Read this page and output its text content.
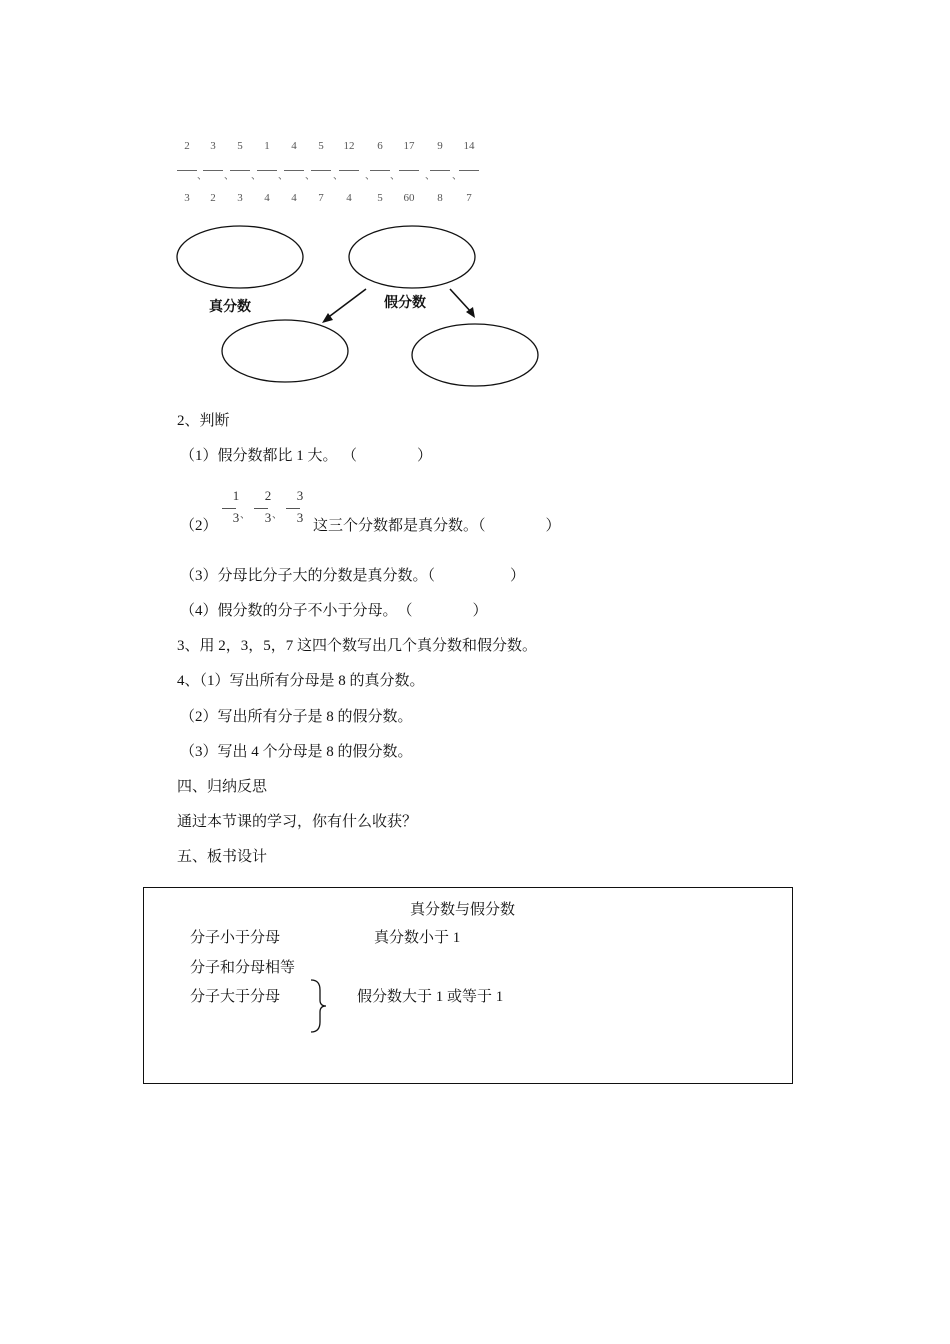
2
3
、
3
2
、
5
3
、
1
4
、
4
4
、
5
7
、
12
4
、
6
5
、
17
60
、
9
8
、
14
7
真分数	假分数
2、判断
（1）假分数都比 1 大。 （　　　　）
（2）
1
3 、
2
3 、
3
3
这三个分数都是真分数。（　　　　）
（3）分母比分子大的分数是真分数。（　　　　　）
（4）假分数的分子不小于分母。　（　　　　）
3、用 2，3，5，7 这四个数写出几个真分数和假分数。
4、（1）写出所有分母是 8 的真分数。
（2）写出所有分子是 8 的假分数。
（3）写出 4 个分母是 8 的假分数。
四、归纳反思
通过本节课的学习，你有什么收获？
五、板书设计
真分数与假分数
分子小于分母	真分数小于 1
分子和分母相等
分子大于分母	假分数大于 1 或等于 1
